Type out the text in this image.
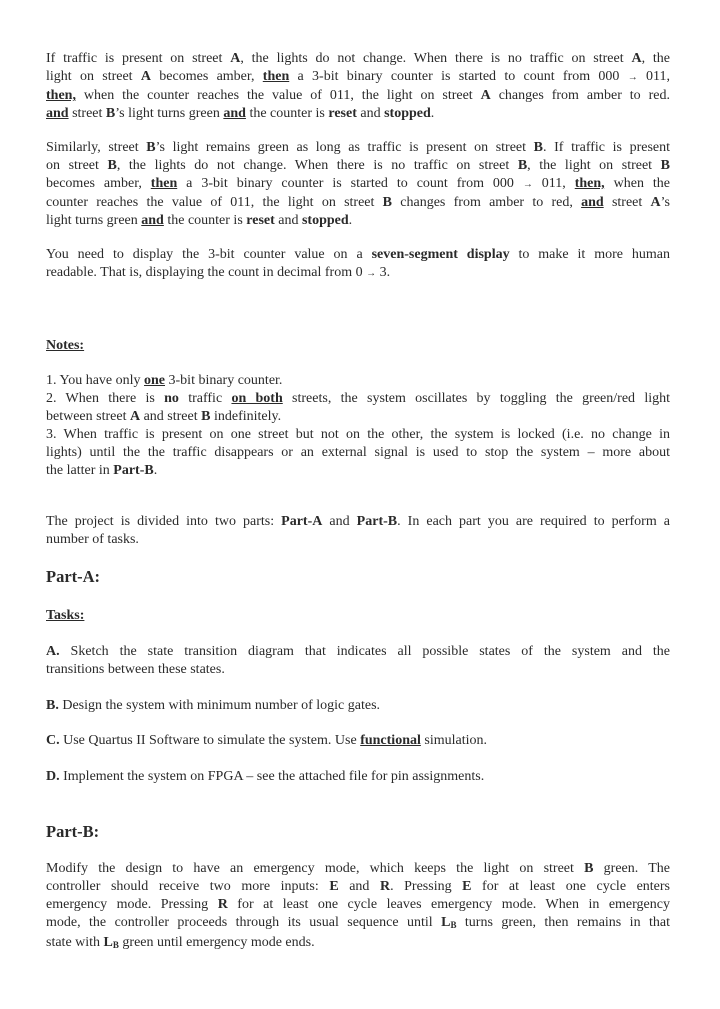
If traffic is present on street A, the lights do not change. When there is no traffic on street A, the
light on street A becomes amber, then a 3-bit binary counter is started to count from 000 → 011,
then, when the counter reaches the value of 011, the light on street A changes from amber to red.
and street B’s light turns green and the counter is reset and stopped.
Similarly, street B’s light remains green as long as traffic is present on street B. If traffic is present
on street B, the lights do not change. When there is no traffic on street B, the light on street B
becomes amber, then a 3-bit binary counter is started to count from 000 → 011, then, when the
counter reaches the value of 011, the light on street B changes from amber to red, and street A’s
light turns green and the counter is reset and stopped.
You need to display the 3-bit counter value on a seven-segment display to make it more human
readable. That is, displaying the count in decimal from 0 → 3.
Notes:
1. You have only one 3-bit binary counter.
2. When there is no traffic on both streets, the system oscillates by toggling the green/red light
between street A and street B indefinitely.
3. When traffic is present on one street but not on the other, the system is locked (i.e. no change in
lights) until the the traffic disappears or an external signal is used to stop the system – more about
the latter in Part-B.
The project is divided into two parts: Part-A and Part-B. In each part you are required to perform a
number of tasks.
Part-A:
Tasks:
A. Sketch the state transition diagram that indicates all possible states of the system and the
transitions between these states.
B. Design the system with minimum number of logic gates.
C. Use Quartus II Software to simulate the system. Use functional simulation.
D. Implement the system on FPGA – see the attached file for pin assignments.
Part-B:
Modify the design to have an emergency mode, which keeps the light on street B green. The
controller should receive two more inputs: E and R. Pressing E for at least one cycle enters
emergency mode. Pressing R for at least one cycle leaves emergency mode. When in emergency
mode, the controller proceeds through its usual sequence until $L_B$ turns green, then remains in that
state with $L_B$ green until emergency mode ends.
